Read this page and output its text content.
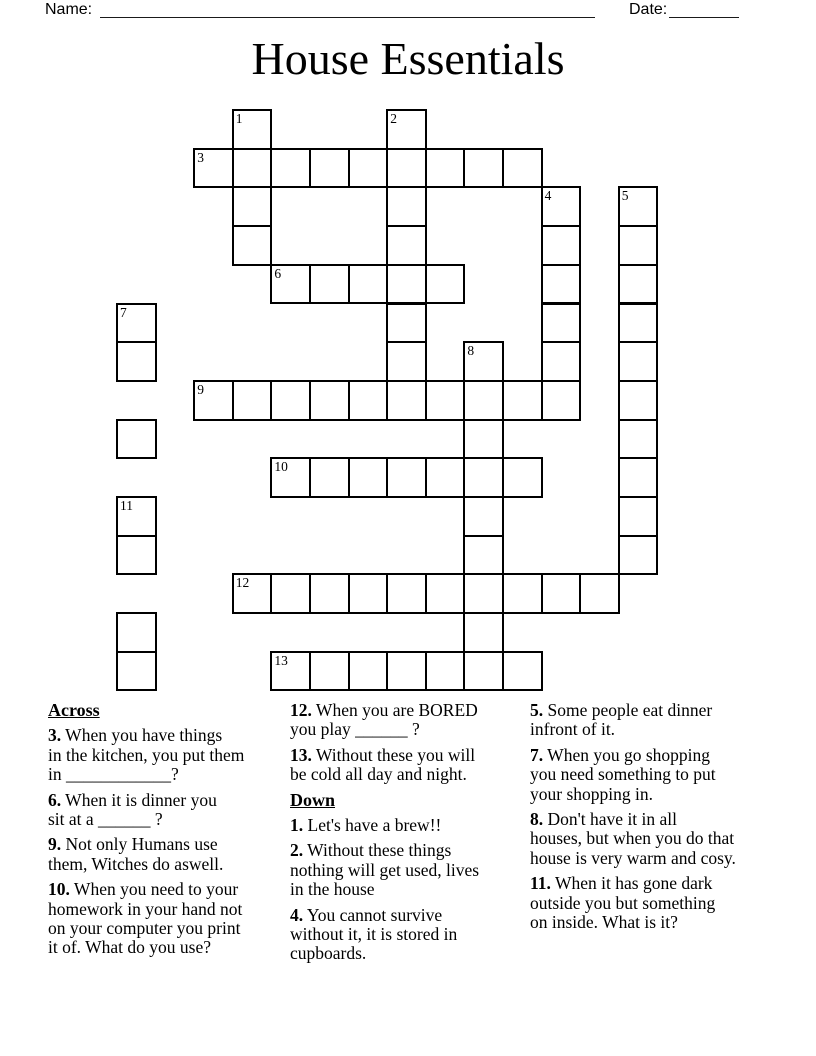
Name:	Date:
House Essentials
1	2
3
4	5
6
7
8
9
10
11
12
13
Across
3. When you have things
in the kitchen, you put them
in ____________?
6. When it is dinner you
sit at a ______ ?
9. Not only Humans use
them, Witches do aswell.
10. When you need to your
homework in your hand not
on your computer you print
it of. What do you use?
12. When you are BORED
you play ______ ?
13. Without these you will
be cold all day and night.
Down
1. Let's have a brew!!
2. Without these things
nothing will get used, lives
in the house
4. You cannot survive
without it, it is stored in
cupboards.
5. Some people eat dinner
infront of it.
7. When you go shopping
you need something to put
your shopping in.
8. Don't have it in all
houses, but when you do that
house is very warm and cosy.
11. When it has gone dark
outside you but something
on inside. What is it?
